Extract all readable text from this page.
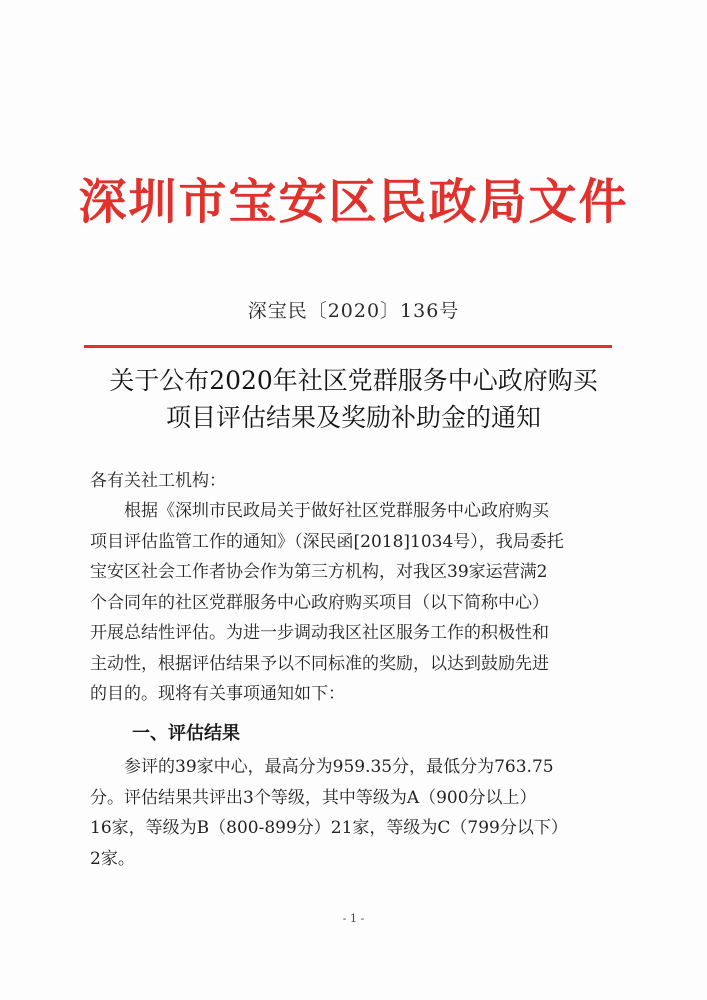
深圳市宝安区民政局文件
深宝民〔2020〕136号
关于公布2020年社区党群服务中心政府购买
项目评估结果及奖励补助金的通知
各有关社工机构：
　　根据《深圳市民政局关于做好社区党群服务中心政府购买
项目评估监管工作的通知》（深民函[2018]1034号），我局委托
宝安区社会工作者协会作为第三方机构，对我区39家运营满2
个合同年的社区党群服务中心政府购买项目（以下简称中心）
开展总结性评估。为进一步调动我区社区服务工作的积极性和
主动性，根据评估结果予以不同标准的奖励，以达到鼓励先进
的目的。现将有关事项通知如下：
一、评估结果
　　参评的39家中心，最高分为959.35分，最低分为763.75
分。评估结果共评出3个等级，其中等级为A（900分以上）
16家，等级为B（800-899分）21家，等级为C（799分以下）
2家。
- 1 -
